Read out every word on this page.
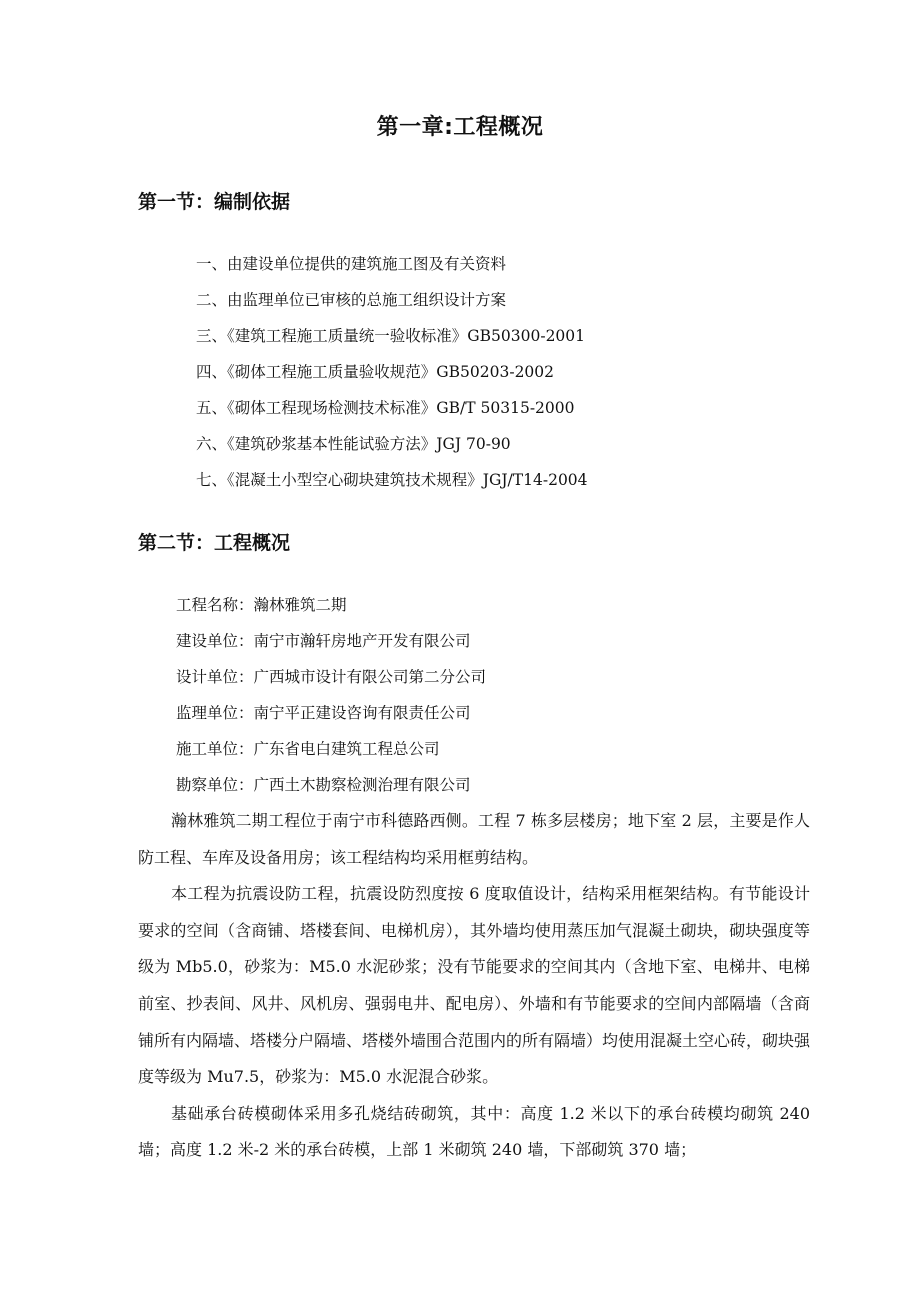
第一章:工程概况
第一节：编制依据
一、由建设单位提供的建筑施工图及有关资料
二、由监理单位已审核的总施工组织设计方案
三、《建筑工程施工质量统一验收标准》GB50300-2001
四、《砌体工程施工质量验收规范》GB50203-2002
五、《砌体工程现场检测技术标准》GB/T 50315-2000
六、《建筑砂浆基本性能试验方法》JGJ 70-90
七、《混凝土小型空心砌块建筑技术规程》JGJ/T14-2004
第二节：工程概况
工程名称：瀚林雅筑二期
建设单位：南宁市瀚轩房地产开发有限公司
设计单位：广西城市设计有限公司第二分公司
监理单位：南宁平正建设咨询有限责任公司
施工单位：广东省电白建筑工程总公司
勘察单位：广西土木勘察检测治理有限公司

瀚林雅筑二期工程位于南宁市科德路西侧。工程 7 栋多层楼房；地下室 2 层，主要是作人防工程、车库及设备用房；该工程结构均采用框剪结构。

本工程为抗震设防工程，抗震设防烈度按 6 度取值设计，结构采用框架结构。有节能设计要求的空间（含商铺、塔楼套间、电梯机房），其外墙均使用蒸压加气混凝土砌块，砌块强度等级为 Mb5.0，砂浆为：M5.0 水泥砂浆；没有节能要求的空间其内（含地下室、电梯井、电梯前室、抄表间、风井、风机房、强弱电井、配电房）、外墙和有节能要求的空间内部隔墙（含商铺所有内隔墙、塔楼分户隔墙、塔楼外墙围合范围内的所有隔墙）均使用混凝土空心砖，砌块强度等级为 Mu7.5，砂浆为：M5.0 水泥混合砂浆。

基础承台砖模砌体采用多孔烧结砖砌筑，其中：高度 1.2 米以下的承台砖模均砌筑 240 墙；高度 1.2 米-2 米的承台砖模，上部 1 米砌筑 240 墙，下部砌筑 370 墙；
